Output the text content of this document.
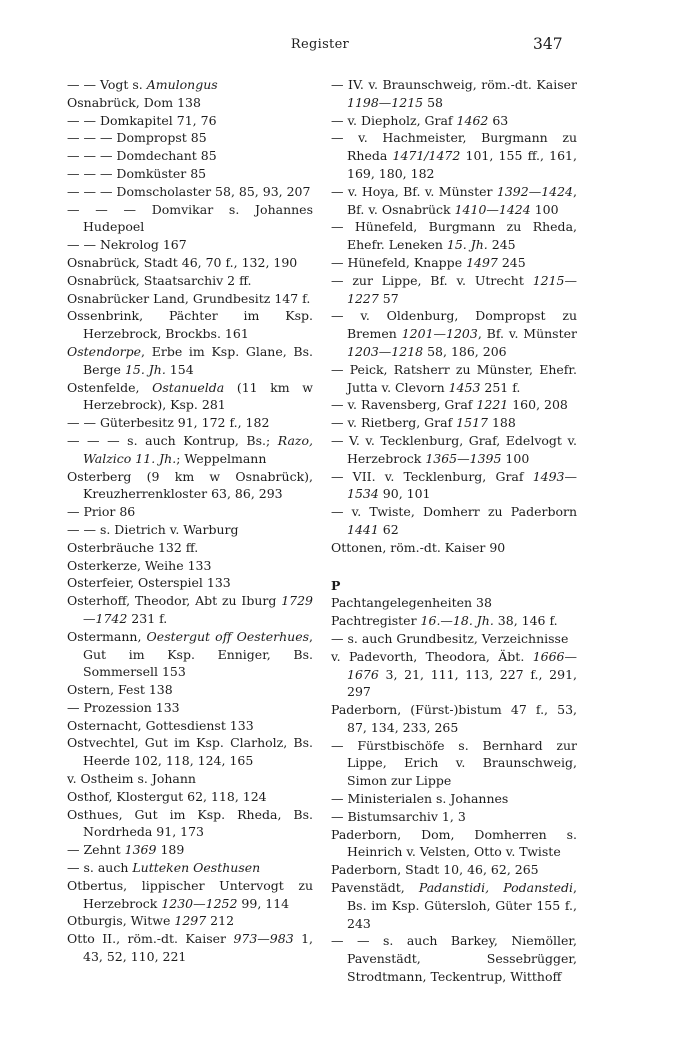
Register	347
— — Vogt s. Amulongus
Osnabrück, Dom 138
— — Domkapitel 71, 76
— — — Dompropst 85
— — — Domdechant 85
— — — Domküster 85
— — — Domscholaster 58, 85, 93, 207
— — — Domvikar s. Johannes Hudepoel
— — Nekrolog 167
Osnabrück, Stadt 46, 70 f., 132, 190
Osnabrück, Staatsarchiv 2 ff.
Osnabrücker Land, Grundbesitz 147 f.
Ossenbrink, Pächter im Ksp. Herzebrock, Brockbs. 161
Ostendorpe, Erbe im Ksp. Glane, Bs. Berge 15. Jh. 154
Ostenfelde, Ostanuelda (11 km w Herzebrock), Ksp. 281
— — Güterbesitz 91, 172 f., 182
— — — s. auch Kontrup, Bs.; Razo, Walzico 11. Jh.; Weppelmann
Osterberg (9 km w Osnabrück), Kreuzherrenkloster 63, 86, 293
— Prior 86
— — s. Dietrich v. Warburg
Osterbräuche 132 ff.
Osterkerze, Weihe 133
Osterfeier, Osterspiel 133
Osterhoff, Theodor, Abt zu Iburg 1729—1742 231 f.
Ostermann, Oestergut off Oesterhues, Gut im Ksp. Enniger, Bs. Sommersell 153
Ostern, Fest 138
— Prozession 133
Osternacht, Gottesdienst 133
Ostvechtel, Gut im Ksp. Clarholz, Bs. Heerde 102, 118, 124, 165
v. Ostheim s. Johann
Osthof, Klostergut 62, 118, 124
Osthues, Gut im Ksp. Rheda, Bs. Nordrheda 91, 173
— Zehnt 1369 189
— s. auch Lutteken Oesthusen
Otbertus, lippischer Untervogt zu Herzebrock 1230—1252 99, 114
Otburgis, Witwe 1297 212
Otto II., röm.-dt. Kaiser 973—983 1, 43, 52, 110, 221
— IV. v. Braunschweig, röm.-dt. Kaiser 1198—1215 58
— v. Diepholz, Graf 1462 63
— v. Hachmeister, Burgmann zu Rheda 1471/1472 101, 155 ff., 161, 169, 180, 182
— v. Hoya, Bf. v. Münster 1392—1424, Bf. v. Osnabrück 1410—1424 100
— Hünefeld, Burgmann zu Rheda, Ehefr. Leneken 15. Jh. 245
— Hünefeld, Knappe 1497 245
— zur Lippe, Bf. v. Utrecht 1215—1227 57
— v. Oldenburg, Dompropst zu Bremen 1201—1203, Bf. v. Münster 1203—1218 58, 186, 206
— Peick, Ratsherr zu Münster, Ehefr. Jutta v. Clevorn 1453 251 f.
— v. Ravensberg, Graf 1221 160, 208
— v. Rietberg, Graf 1517 188
— V. v. Tecklenburg, Graf, Edelvogt v. Herzebrock 1365—1395 100
— VII. v. Tecklenburg, Graf 1493—1534 90, 101
— v. Twiste, Domherr zu Paderborn 1441 62
Ottonen, röm.-dt. Kaiser 90
P
Pachtangelegenheiten 38
Pachtregister 16.—18. Jh. 38, 146 f.
— s. auch Grundbesitz, Verzeichnisse
v. Padevorth, Theodora, Äbt. 1666—1676 3, 21, 111, 113, 227 f., 291, 297
Paderborn, (Fürst-)bistum 47 f., 53, 87, 134, 233, 265
— Fürstbischöfe s. Bernhard zur Lippe, Erich v. Braunschweig, Simon zur Lippe
— Ministerialen s. Johannes
— Bistumsarchiv 1, 3
Paderborn, Dom, Domherren s. Heinrich v. Velsten, Otto v. Twiste
Paderborn, Stadt 10, 46, 62, 265
Pavenstädt, Padanstidi, Podanstedi, Bs. im Ksp. Gütersloh, Güter 155 f., 243
— — s. auch Barkey, Niemöller, Pavenstädt, Sessebrügger, Strodtmann, Teckentrup, Witthoff
